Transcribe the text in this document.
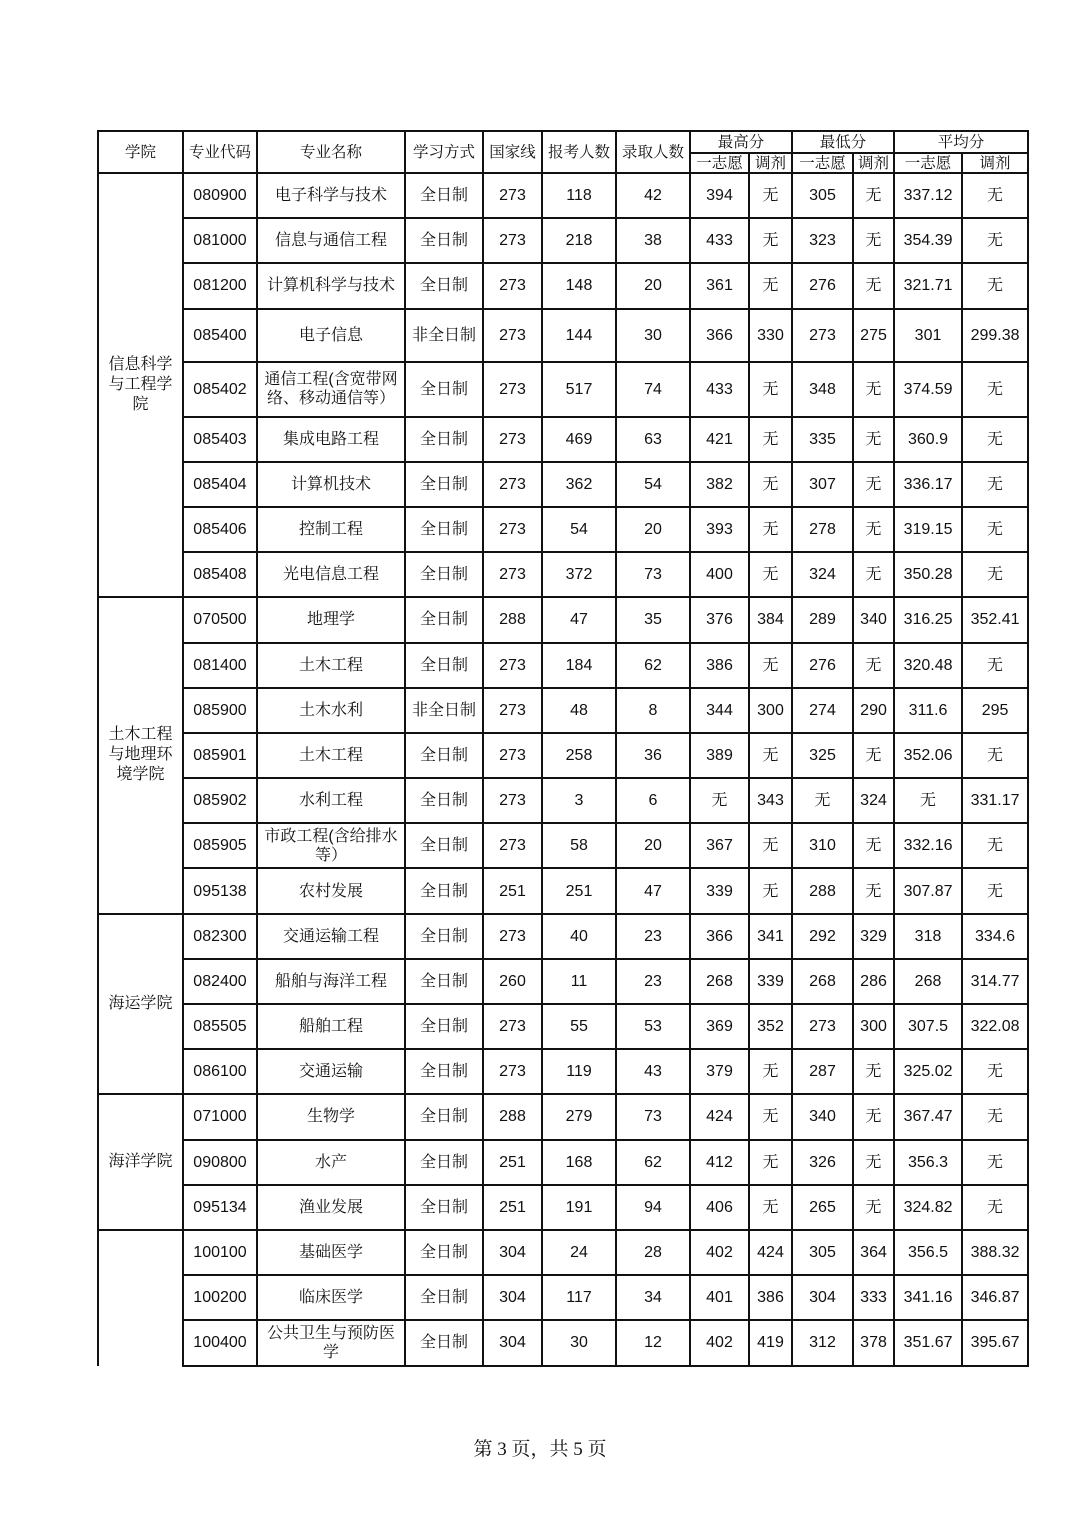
学院	专业代码	专业名称	学习方式	国家线	报考人数	录取人数	最高分		最低分		平均分	
							一志愿	调剂	一志愿	调剂	一志愿	调剂
信息科学与工程学院	080900	电子科学与技术	全日制	273	118	42	394	无	305	无	337.12	无
	081000	信息与通信工程	全日制	273	218	38	433	无	323	无	354.39	无
	081200	计算机科学与技术	全日制	273	148	20	361	无	276	无	321.71	无
	085400	电子信息	非全日制	273	144	30	366	330	273	275	301	299.38
	085402	通信工程(含宽带网络、移动通信等）	全日制	273	517	74	433	无	348	无	374.59	无
	085403	集成电路工程	全日制	273	469	63	421	无	335	无	360.9	无
	085404	计算机技术	全日制	273	362	54	382	无	307	无	336.17	无
	085406	控制工程	全日制	273	54	20	393	无	278	无	319.15	无
	085408	光电信息工程	全日制	273	372	73	400	无	324	无	350.28	无
土木工程与地理环境学院	070500	地理学	全日制	288	47	35	376	384	289	340	316.25	352.41
	081400	土木工程	全日制	273	184	62	386	无	276	无	320.48	无
	085900	土木水利	非全日制	273	48	8	344	300	274	290	311.6	295
	085901	土木工程	全日制	273	258	36	389	无	325	无	352.06	无
	085902	水利工程	全日制	273	3	6	无	343	无	324	无	331.17
	085905	市政工程(含给排水等）	全日制	273	58	20	367	无	310	无	332.16	无
	095138	农村发展	全日制	251	251	47	339	无	288	无	307.87	无
海运学院	082300	交通运输工程	全日制	273	40	23	366	341	292	329	318	334.6
	082400	船舶与海洋工程	全日制	260	11	23	268	339	268	286	268	314.77
	085505	船舶工程	全日制	273	55	53	369	352	273	300	307.5	322.08
	086100	交通运输	全日制	273	119	43	379	无	287	无	325.02	无
海洋学院	071000	生物学	全日制	288	279	73	424	无	340	无	367.47	无
	090800	水产	全日制	251	168	62	412	无	326	无	356.3	无
	095134	渔业发展	全日制	251	191	94	406	无	265	无	324.82	无
	100100	基础医学	全日制	304	24	28	402	424	305	364	356.5	388.32
	100200	临床医学	全日制	304	117	34	401	386	304	333	341.16	346.87
	100400	公共卫生与预防医学	全日制	304	30	12	402	419	312	378	351.67	395.67
第 3 页，共 5 页
